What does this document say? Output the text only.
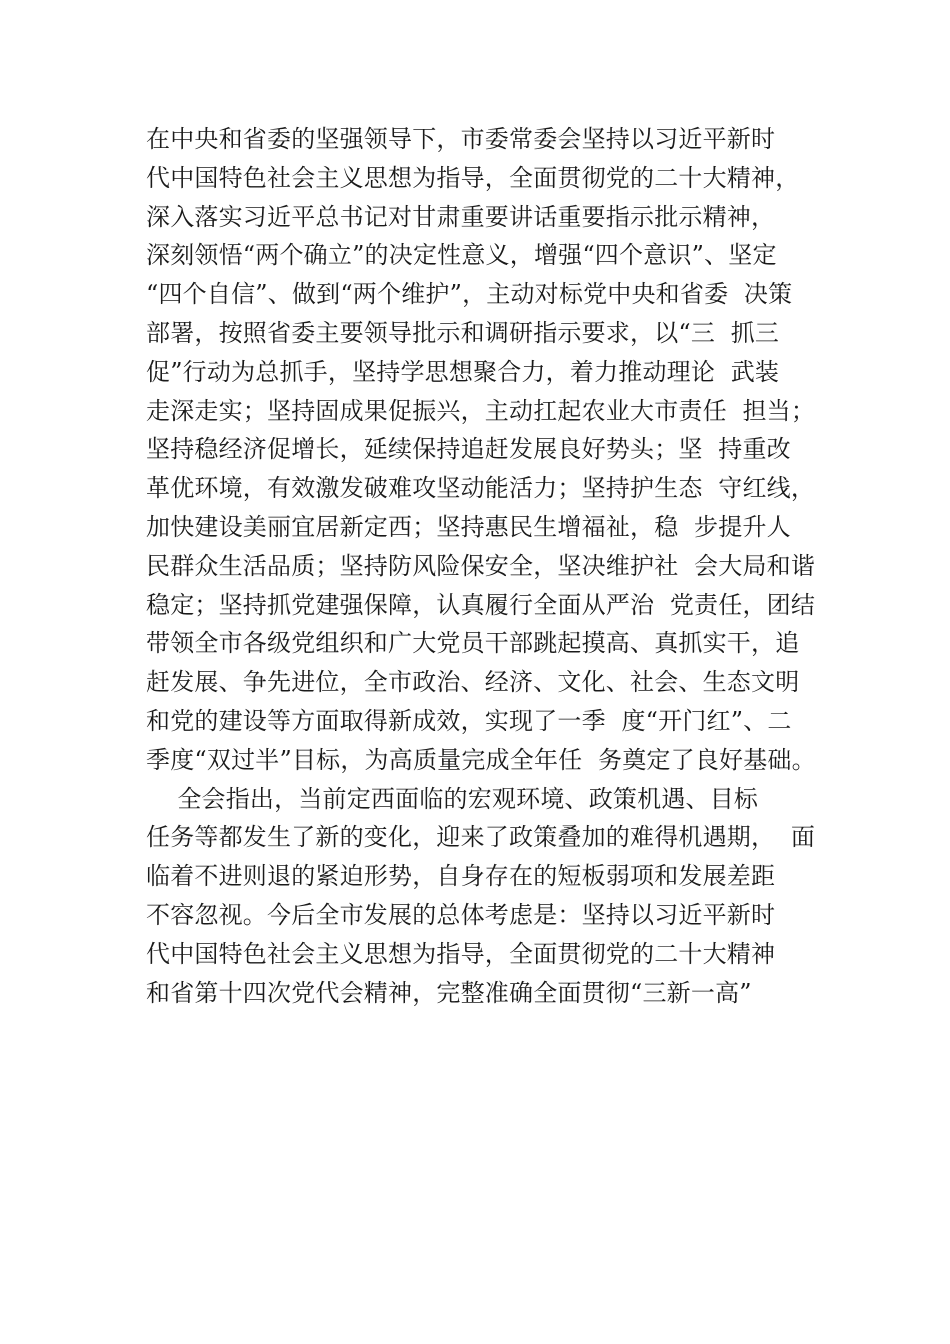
在中央和省委的坚强领导下，市委常委会坚持以习近平新时
代中国特色社会主义思想为指导，全面贯彻党的二十大精神，
深入落实习近平总书记对甘肃重要讲话重要指示批示精神，
深刻领悟“两个确立”的决定性意义，增强“四个意识”、坚定
“四个自信”、做到“两个维护”，主动对标党中央和省委  决策
部署，按照省委主要领导批示和调研指示要求，以“三  抓三
促”行动为总抓手，坚持学思想聚合力，着力推动理论  武装
走深走实；坚持固成果促振兴，主动扛起农业大市责任  担当；
坚持稳经济促增长，延续保持追赶发展良好势头；坚  持重改
革优环境，有效激发破难攻坚动能活力；坚持护生态  守红线，
加快建设美丽宜居新定西；坚持惠民生增福祉，稳  步提升人
民群众生活品质；坚持防风险保安全，坚决维护社  会大局和谐
稳定；坚持抓党建强保障，认真履行全面从严治  党责任，团结
带领全市各级党组织和广大党员干部跳起摸高、真抓实干，追
赶发展、争先进位，全市政治、经济、文化、社会、生态文明
和党的建设等方面取得新成效，实现了一季  度“开门红”、二
季度“双过半”目标，为高质量完成全年任  务奠定了良好基础。
全会指出，当前定西面临的宏观环境、政策机遇、目标
任务等都发生了新的变化，迎来了政策叠加的难得机遇期，  面
临着不进则退的紧迫形势，自身存在的短板弱项和发展差距
不容忽视。今后全市发展的总体考虑是：坚持以习近平新时
代中国特色社会主义思想为指导，全面贯彻党的二十大精神
和省第十四次党代会精神，完整准确全面贯彻“三新一高”
